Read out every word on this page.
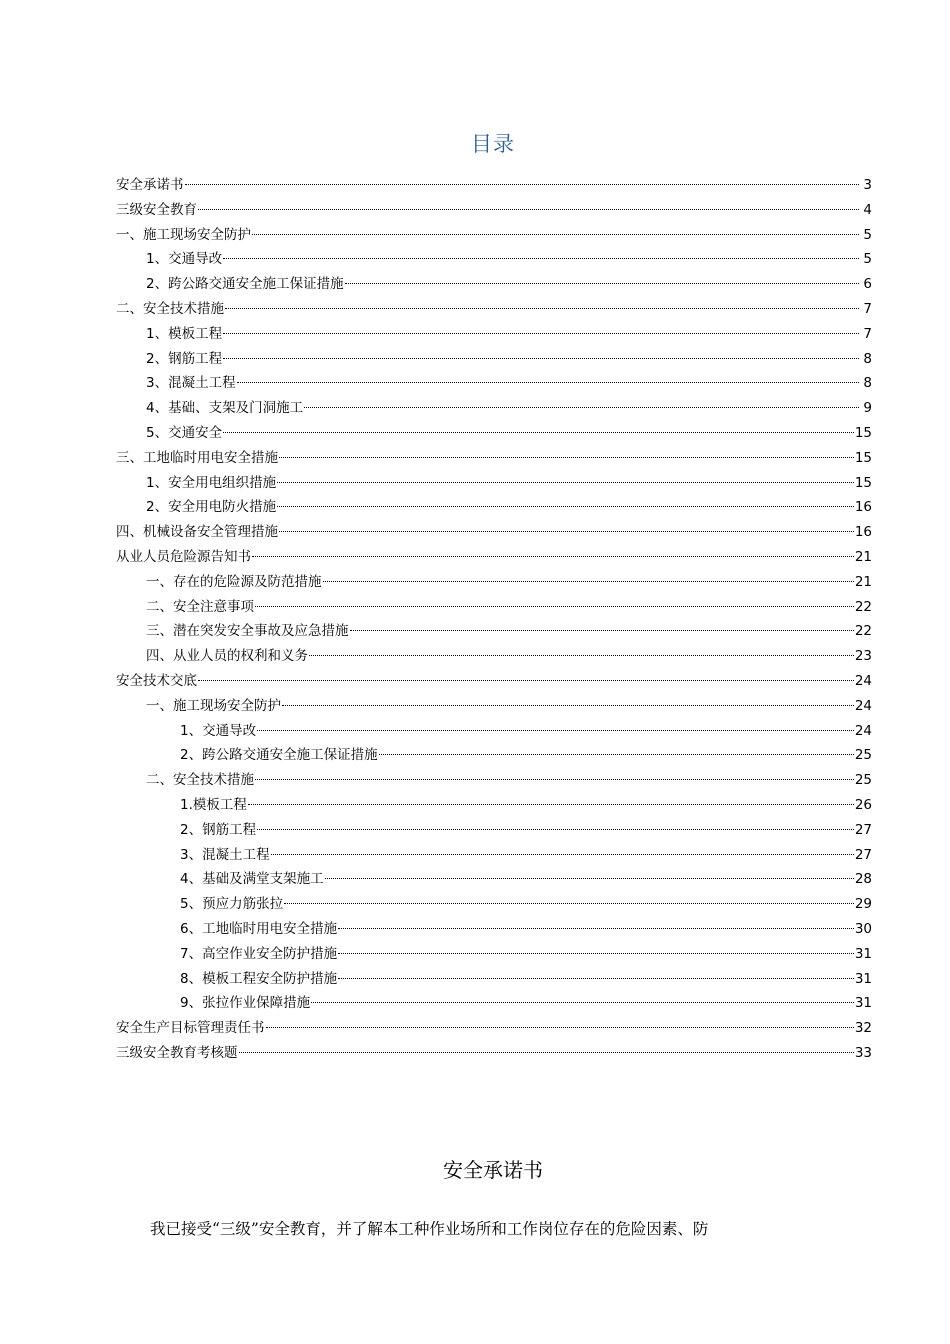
目录
安全承诺书	3
三级安全教育	4
一、施工现场安全防护	5
1、交通导改	5
2、跨公路交通安全施工保证措施	6
二、安全技术措施	7
1、模板工程	7
2、钢筋工程	8
3、混凝土工程	8
4、基础、支架及门洞施工	9
5、交通安全	15
三、工地临时用电安全措施	15
1、安全用电组织措施	15
2、安全用电防火措施	16
四、机械设备安全管理措施	16
从业人员危险源告知书	21
一、存在的危险源及防范措施	21
二、安全注意事项	22
三、潜在突发安全事故及应急措施	22
四、从业人员的权利和义务	23
安全技术交底	24
一、施工现场安全防护	24
1、交通导改	24
2、跨公路交通安全施工保证措施	25
二、安全技术措施	25
1.模板工程	26
2、钢筋工程	27
3、混凝土工程	27
4、基础及满堂支架施工	28
5、预应力筋张拉	29
6、工地临时用电安全措施	30
7、高空作业安全防护措施	31
8、模板工程安全防护措施	31
9、张拉作业保障措施	31
安全生产目标管理责任书	32
三级安全教育考核题	33
安全承诺书
我已接受“三级”安全教育，并了解本工种作业场所和工作岗位存在的危险因素、防
